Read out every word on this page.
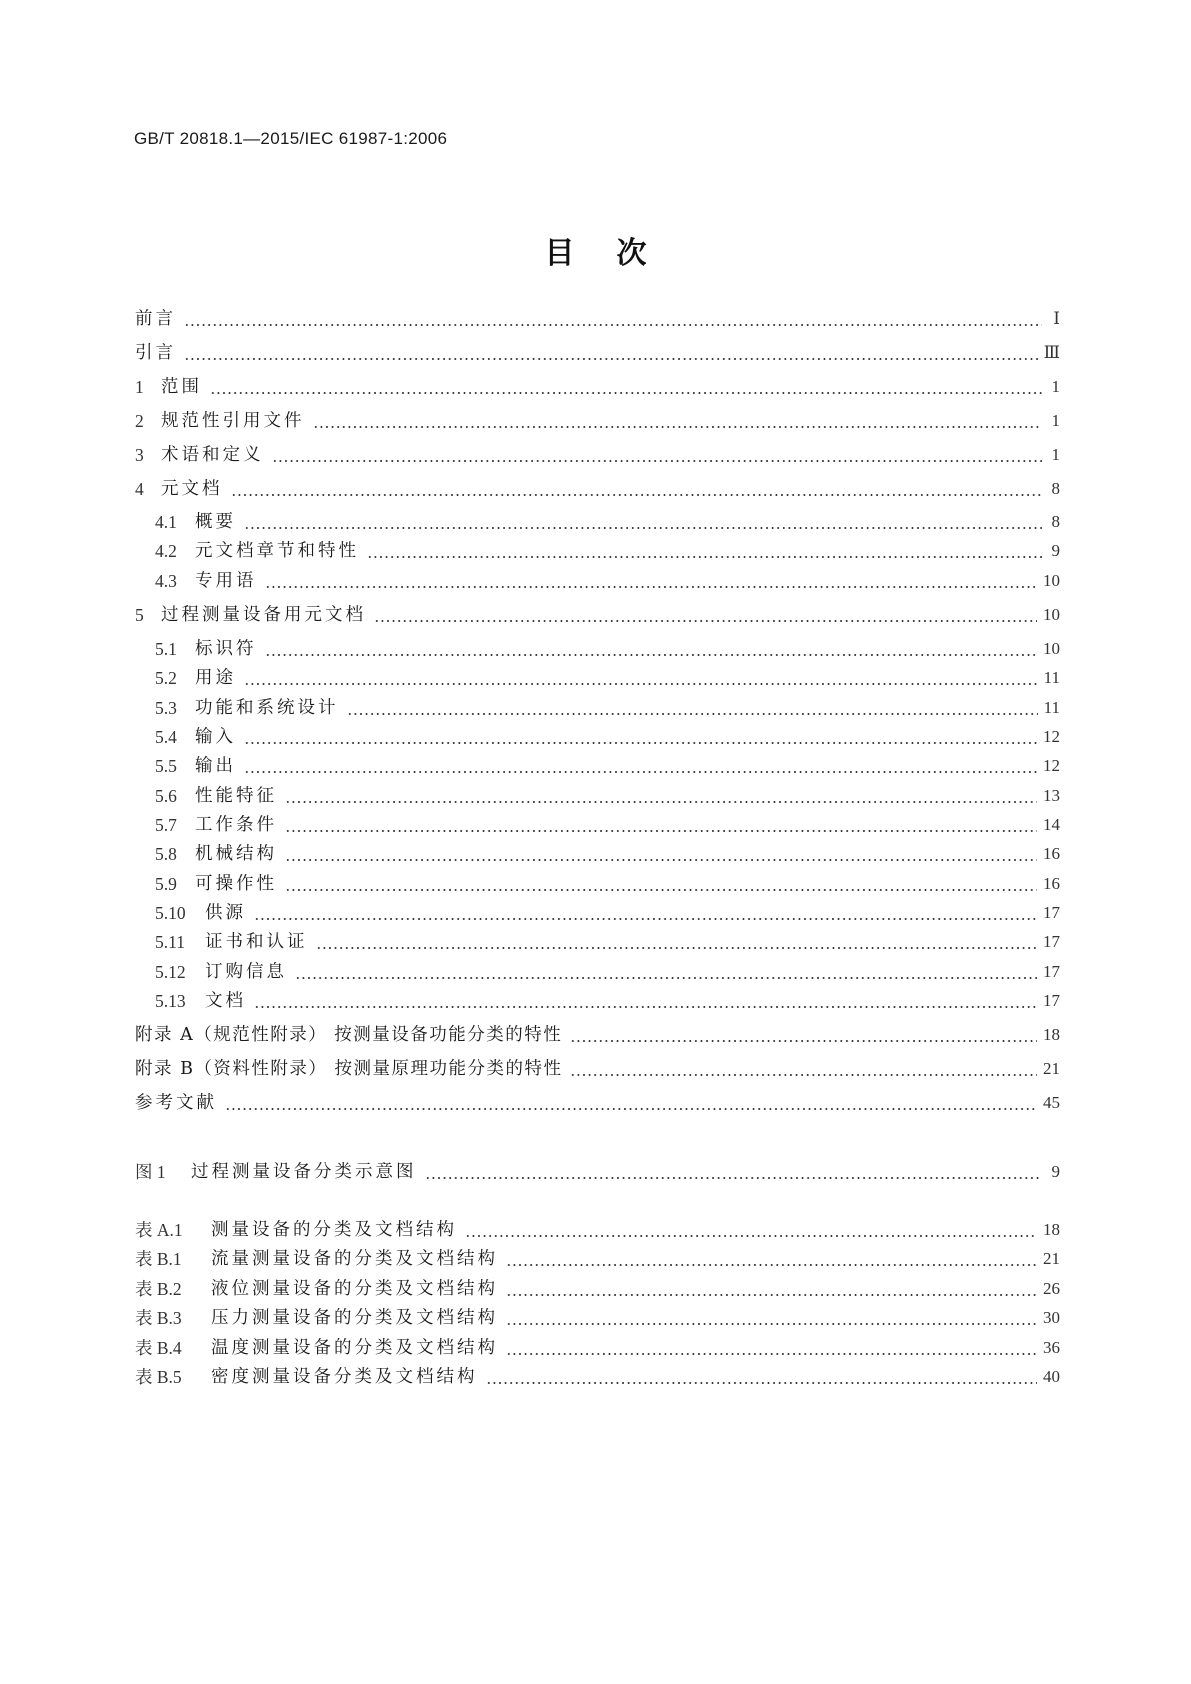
GB/T 20818.1—2015/IEC 61987-1:2006
目次
前言	Ⅰ
引言	Ⅲ
1 范围	1
2 规范性引用文件	1
3 术语和定义	1
4 元文档	8
4.1	概要	8
4.2	元文档章节和特性	9
4.3	专用语	10
5 过程测量设备用元文档	10
5.1	标识符	10
5.2	用途	11
5.3	功能和系统设计	11
5.4	输入	12
5.5	输出	12
5.6	性能特征	13
5.7	工作条件	14
5.8	机械结构	16
5.9	可操作性	16
5.10	供源	17
5.11	证书和认证	17
5.12	订购信息	17
5.13	文档	17
附录 A（规范性附录） 按测量设备功能分类的特性	18
附录 B（资料性附录） 按测量原理功能分类的特性	21
参考文献	45
图 1	过程测量设备分类示意图	9
表 A.1	测量设备的分类及文档结构	18
表 B.1	流量测量设备的分类及文档结构	21
表 B.2	液位测量设备的分类及文档结构	26
表 B.3	压力测量设备的分类及文档结构	30
表 B.4	温度测量设备的分类及文档结构	36
表 B.5	密度测量设备分类及文档结构	40
